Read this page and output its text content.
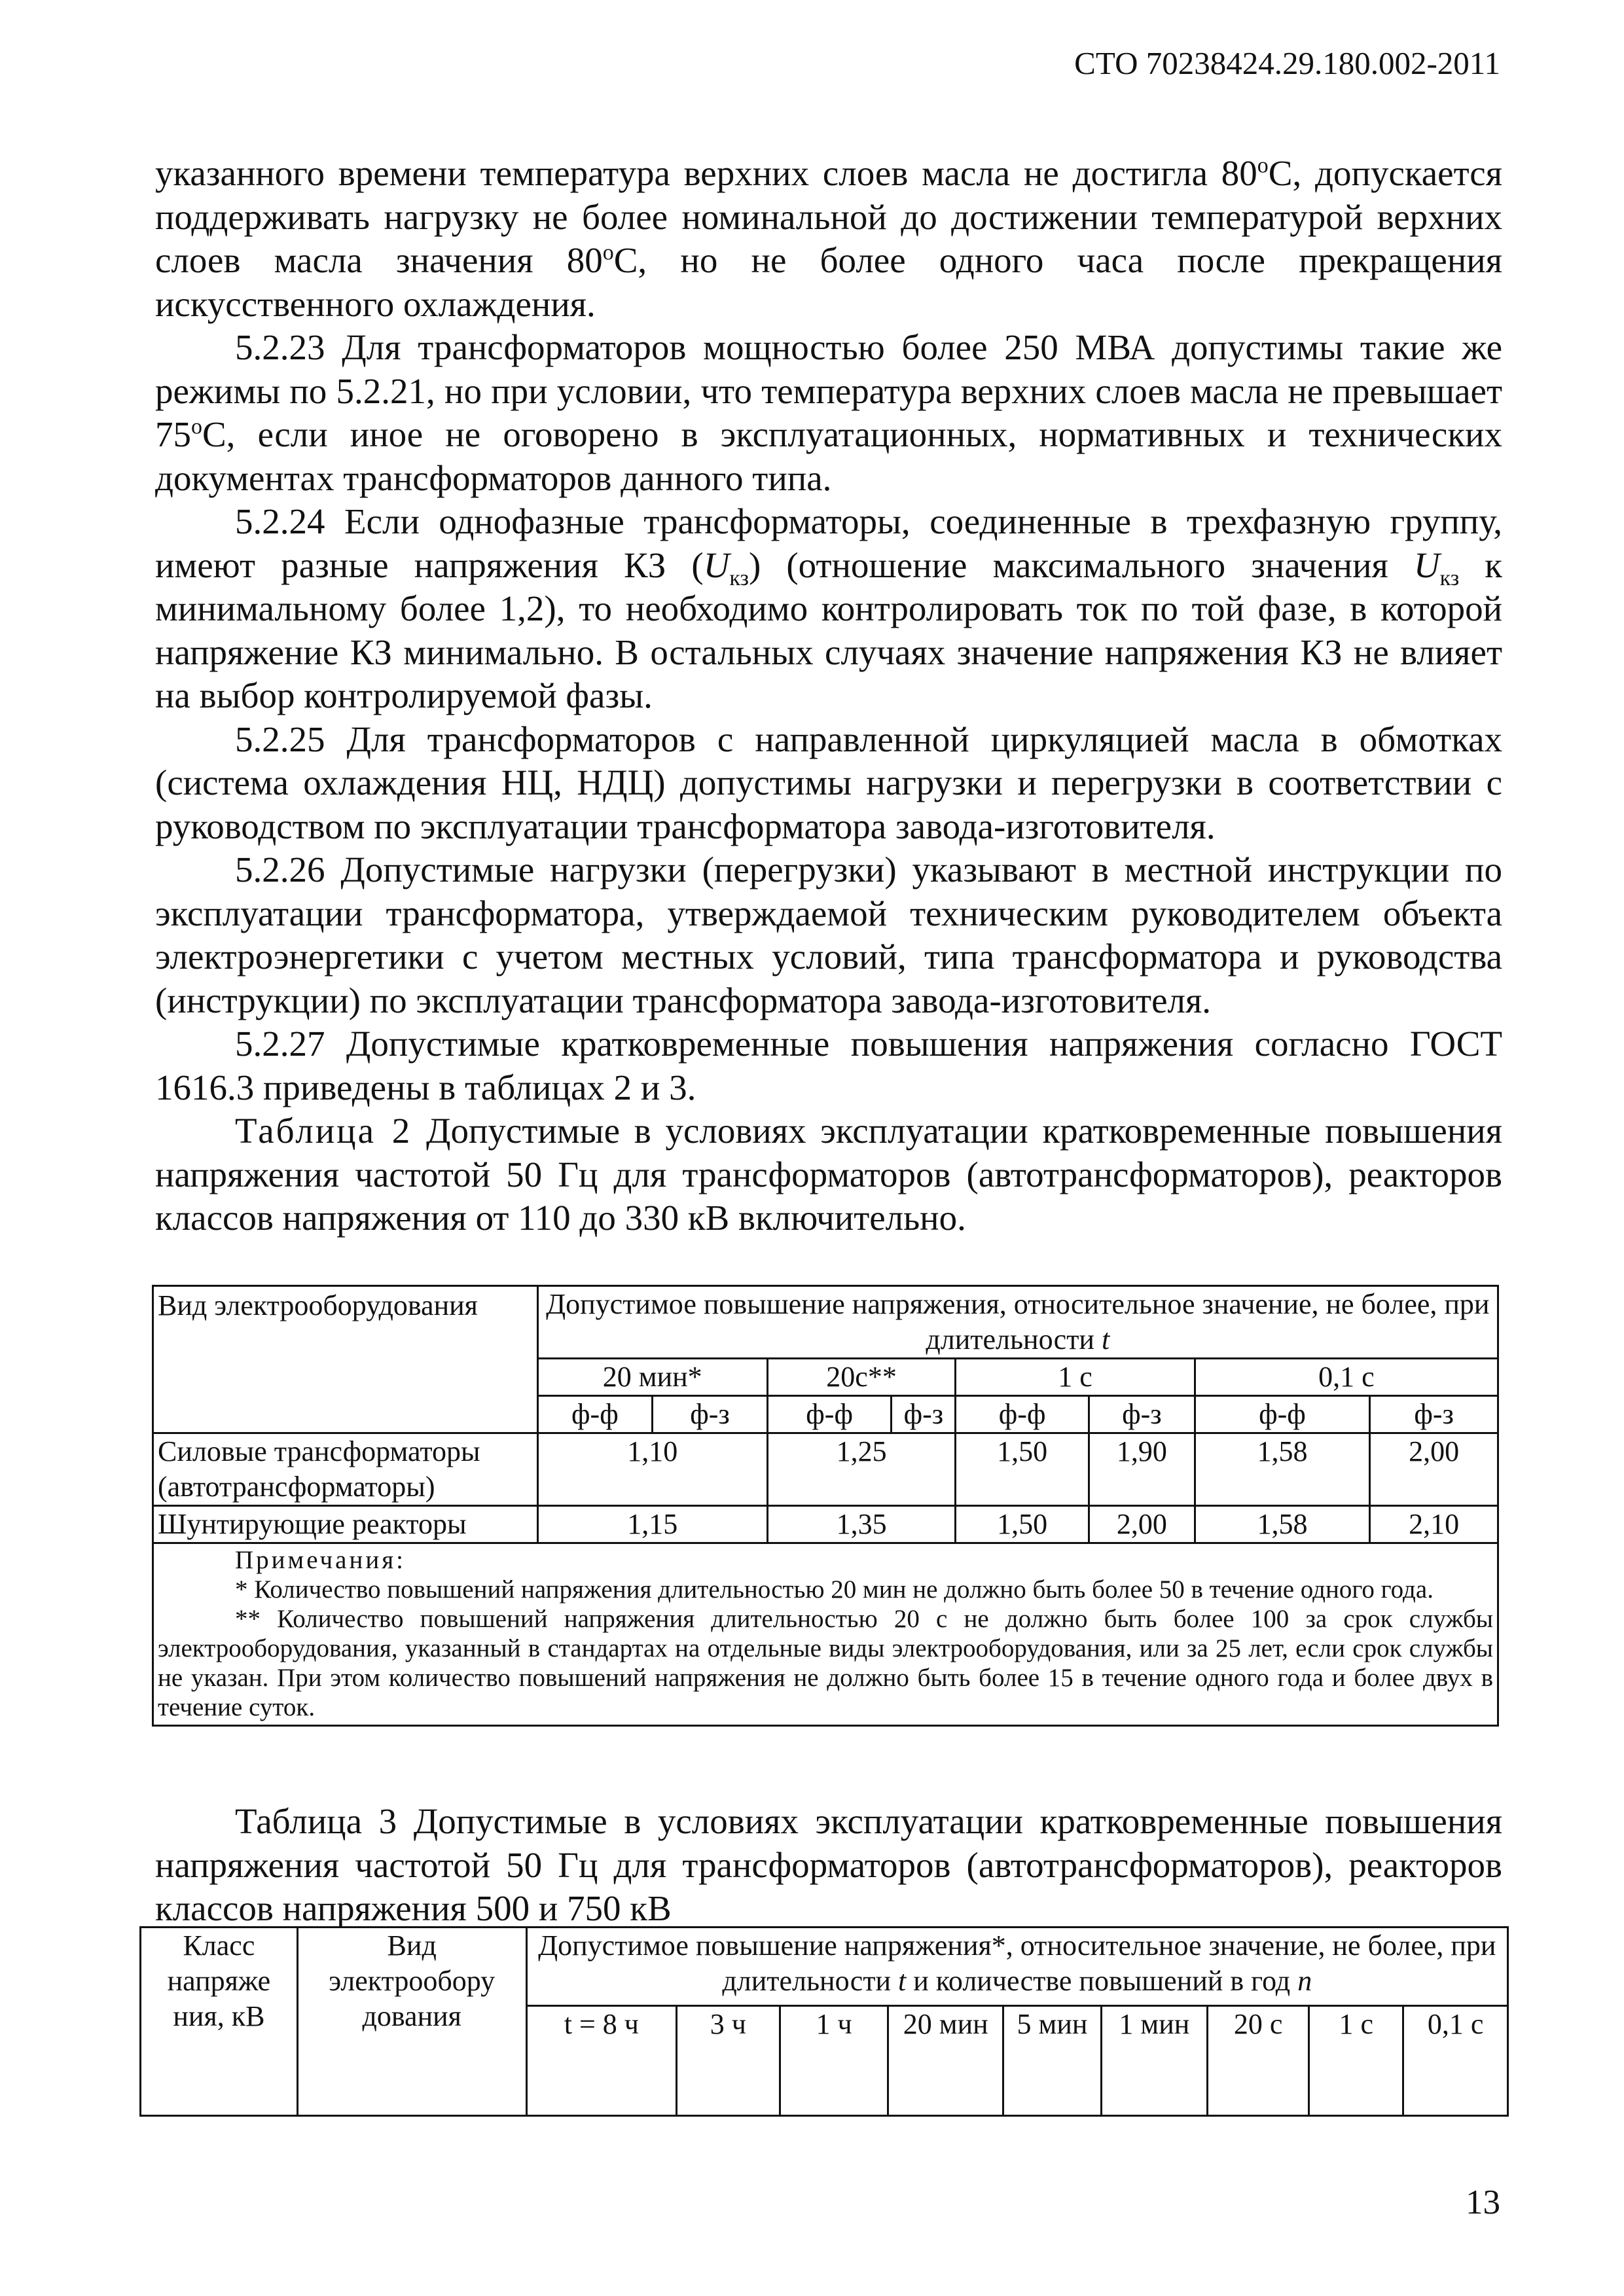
СТО 70238424.29.180.002-2011

указанного времени температура верхних слоев масла не достигла $80^оС$, допускается поддерживать нагрузку не более номинальной до достижении температурой верхних слоев масла значения $80^оС$, но не более одного часа после прекращения искусственного охлаждения.

5.2.23 Для трансформаторов мощностью более 250 МВА допустимы такие же режимы по 5.2.21, но при условии, что температура верхних слоев масла не превышает $75^оС$, если иное не оговорено в эксплуатационных, нормативных и технических документах трансформаторов данного типа.

5.2.24 Если однофазные трансформаторы, соединенные в трехфазную группу, имеют разные напряжения КЗ $(U_{кз})$ (отношение максимального значения $U_{кз}$ к минимальному более 1,2), то необходимо контролировать ток по той фазе, в которой напряжение КЗ минимально. В остальных случаях значение напряжения КЗ не влияет на выбор контролируемой фазы.

5.2.25 Для трансформаторов с направленной циркуляцией масла в обмотках (система охлаждения НЦ, НДЦ) допустимы нагрузки и перегрузки в соответствии с руководством по эксплуатации трансформатора завода-изготовителя.

5.2.26 Допустимые нагрузки (перегрузки) указывают в местной инструкции по эксплуатации трансформатора, утверждаемой техническим руководителем объекта электроэнергетики с учетом местных условий, типа трансформатора и руководства (инструкции) по эксплуатации трансформатора завода-изготовителя.

5.2.27 Допустимые кратковременные повышения напряжения согласно ГОСТ 1616.3 приведены в таблицах 2 и 3.

Таблица 2 Допустимые в условиях эксплуатации кратковременные повышения напряжения частотой 50 Гц для трансформаторов (автотрансформаторов), реакторов классов напряжения от 110 до 330 кВ включительно.

Вид электрооборудования	Допустимое повышение напряжения, относительное значение, не более, при длительности t							
	20 мин*		20с**		1 с		0,1 с	
	ф-ф	ф-з	ф-ф	ф-з	ф-ф	ф-з	ф-ф	ф-з
Силовые трансформаторы (автотрансформаторы)	1,10		1,25		1,50	1,90	1,58	2,00
Шунтирующие реакторы	1,15		1,35		1,50	2,00	1,58	2,10

Примечания:

* Количество повышений напряжения длительностью 20 мин не должно быть более 50 в течение одного года.

** Количество повышений напряжения длительностью 20 с не должно быть более 100 за срок службы электрооборудования, указанный в стандартах на отдельные виды электрооборудования, или за 25 лет, если срок службы не указан. При этом количество повышений напряжения не должно быть более 15 в течение одного года и более двух в течение суток.								

Таблица 3 Допустимые в условиях эксплуатации кратковременные повышения напряжения частотой 50 Гц для трансформаторов (автотрансформаторов), реакторов классов напряжения 500 и 750 кВ

Класс напряже ния, кВ	Вид электрообору дования	Допустимое повышение напряжения*, относительное значение, не более, при длительности t и количестве повышений в год n								
		t = 8 ч	3 ч	1 ч	20 мин	5 мин	1 мин	20 с	1 с	0,1 с
13
